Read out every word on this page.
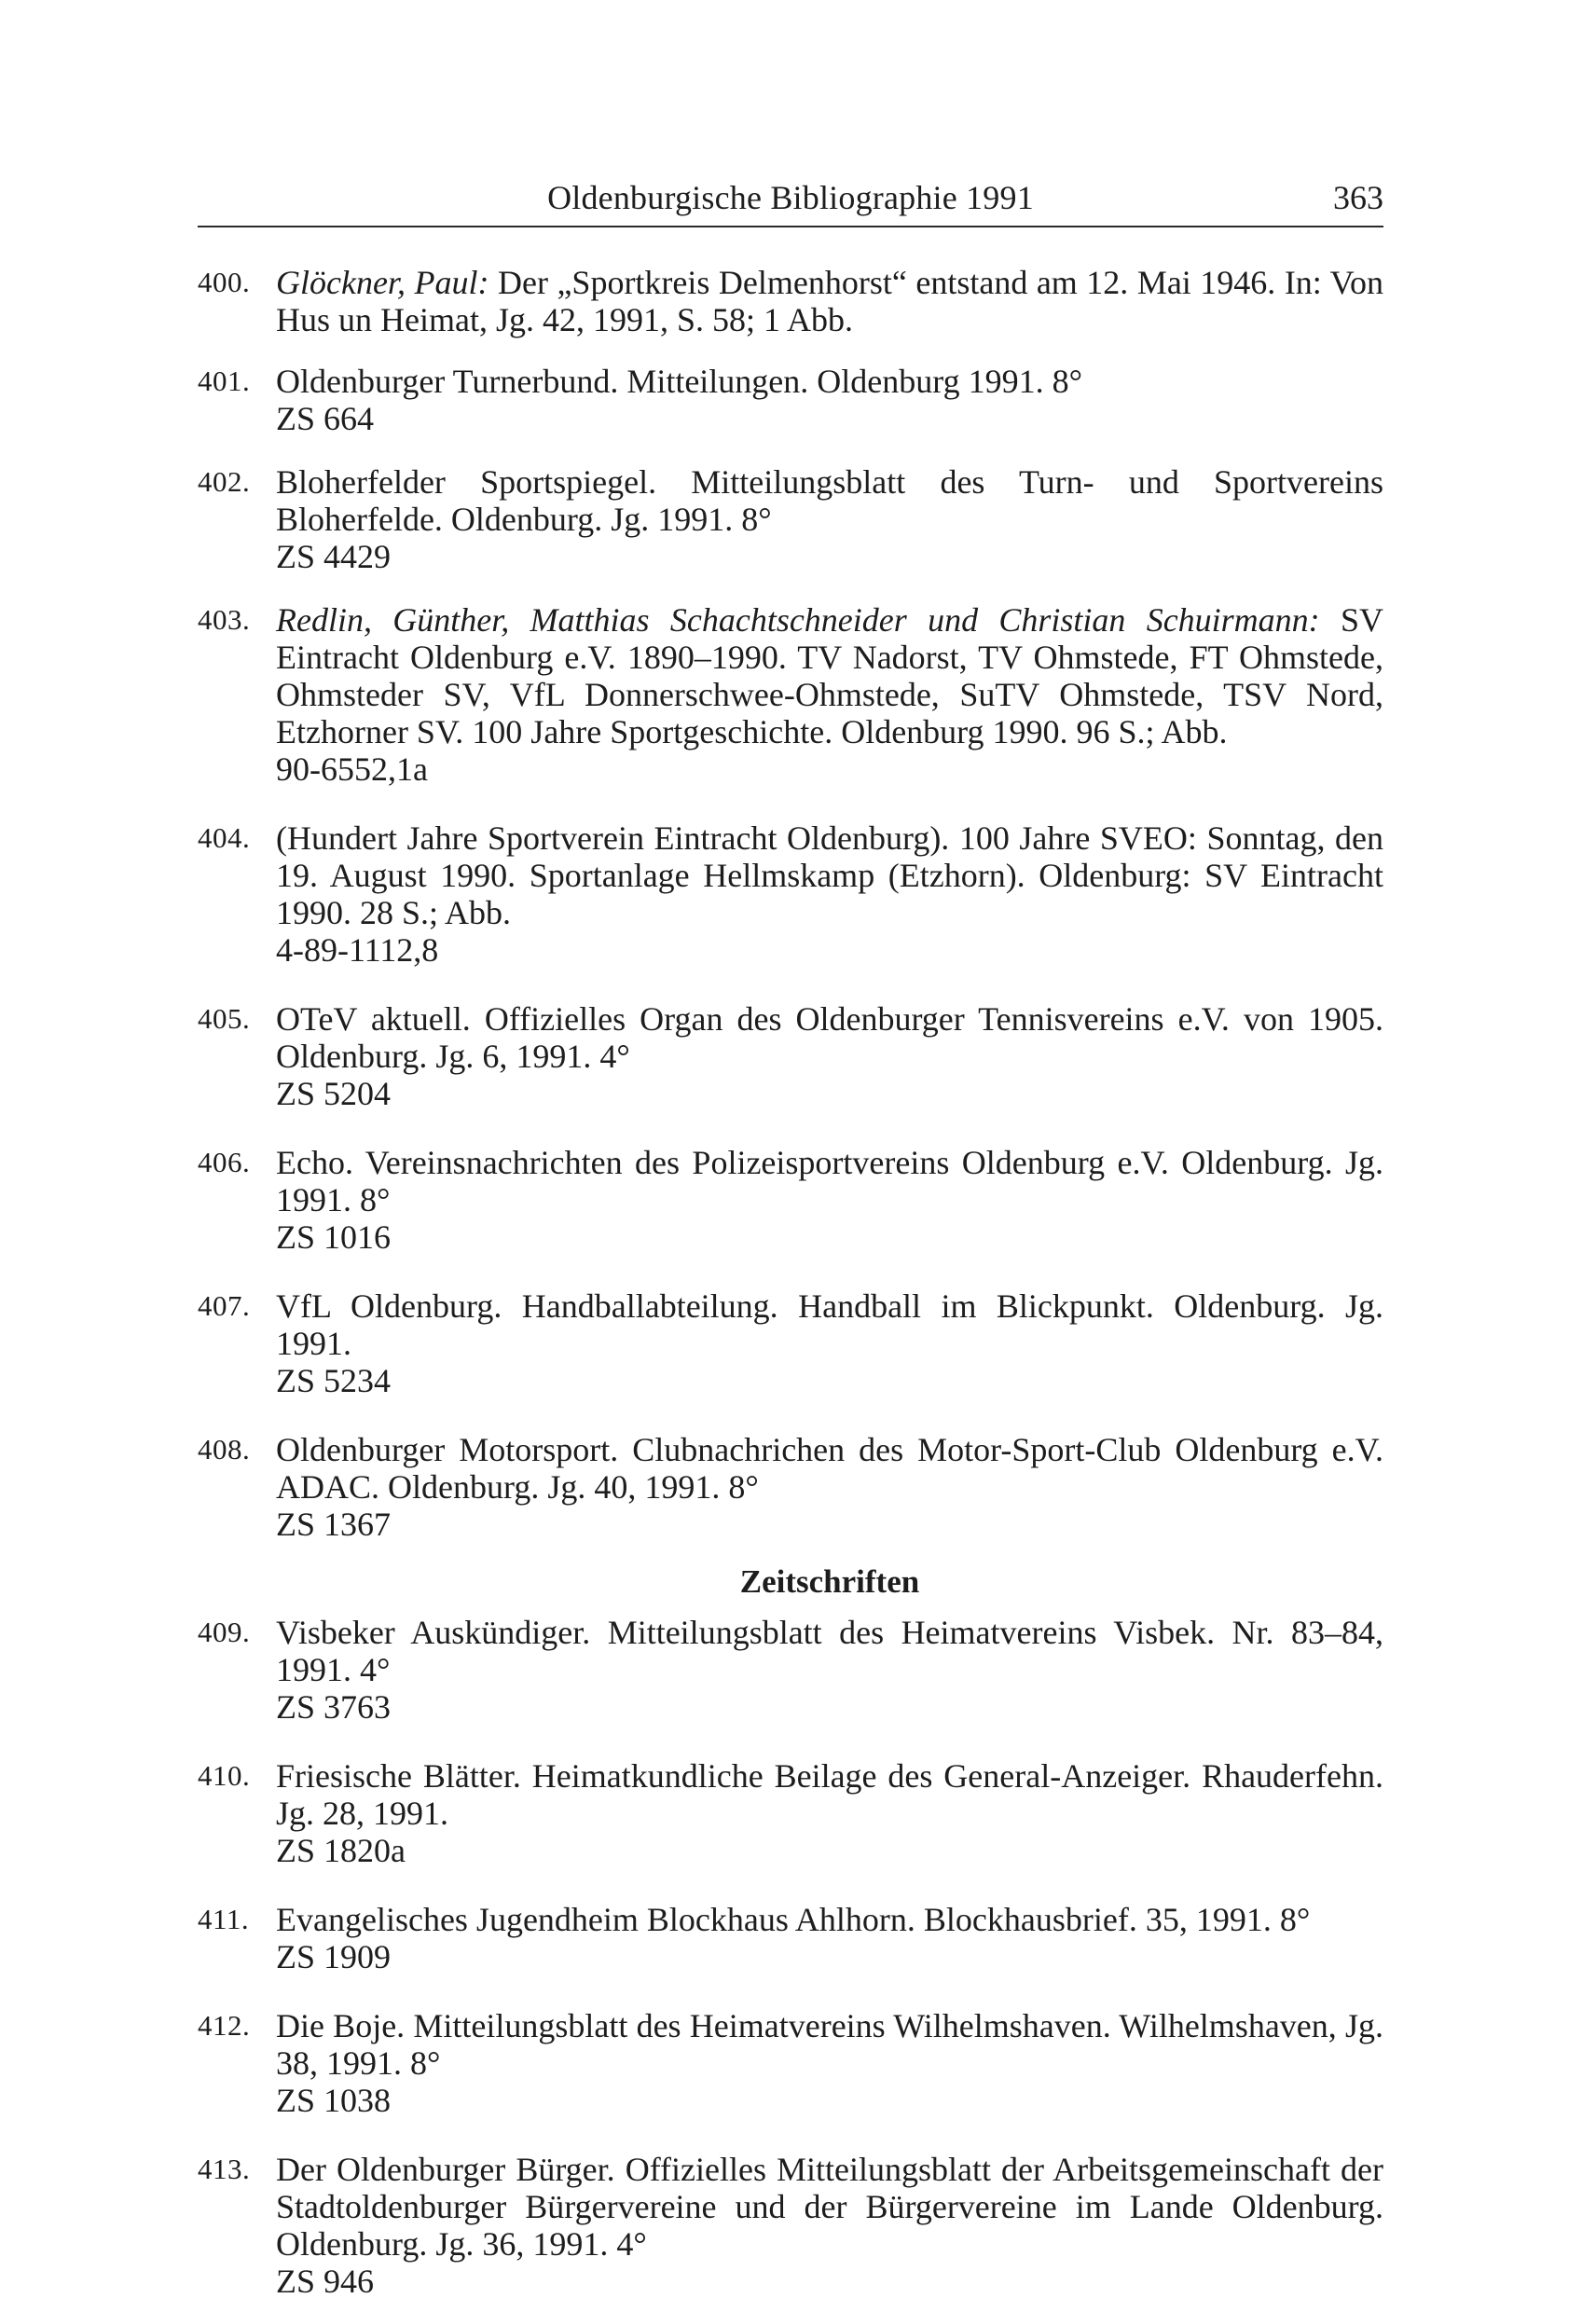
Oldenburgische Bibliographie 1991	363
400. Glöckner, Paul: Der „Sportkreis Delmenhorst“ entstand am 12. Mai 1946. In: Von Hus un Heimat, Jg. 42, 1991, S. 58; 1 Abb.
401. Oldenburger Turnerbund. Mitteilungen. Oldenburg 1991. 8°
ZS 664
402. Bloherfelder Sportspiegel. Mitteilungsblatt des Turn- und Sportvereins Bloherfelde. Oldenburg. Jg. 1991. 8°
ZS 4429
403. Redlin, Günther, Matthias Schachtschneider und Christian Schuirmann: SV Eintracht Oldenburg e.V. 1890–1990. TV Nadorst, TV Ohmstede, FT Ohmstede, Ohmsteder SV, VfL Donnerschwee-Ohmstede, SuTV Ohmstede, TSV Nord, Etzhorner SV. 100 Jahre Sportgeschichte. Oldenburg 1990. 96 S.; Abb.
90-6552,1a
404. (Hundert Jahre Sportverein Eintracht Oldenburg). 100 Jahre SVEO: Sonntag, den 19. August 1990. Sportanlage Hellmskamp (Etzhorn). Oldenburg: SV Eintracht 1990. 28 S.; Abb.
4-89-1112,8
405. OTeV aktuell. Offizielles Organ des Oldenburger Tennisvereins e.V. von 1905. Oldenburg. Jg. 6, 1991. 4°
ZS 5204
406. Echo. Vereinsnachrichten des Polizeisportvereins Oldenburg e.V. Oldenburg. Jg. 1991. 8°
ZS 1016
407. VfL Oldenburg. Handballabteilung. Handball im Blickpunkt. Oldenburg. Jg. 1991.
ZS 5234
408. Oldenburger Motorsport. Clubnachrichen des Motor-Sport-Club Oldenburg e.V. ADAC. Oldenburg. Jg. 40, 1991. 8°
ZS 1367
Zeitschriften
409. Visbeker Auskündiger. Mitteilungsblatt des Heimatvereins Visbek. Nr. 83–84, 1991. 4°
ZS 3763
410. Friesische Blätter. Heimatkundliche Beilage des General-Anzeiger. Rhauderfehn. Jg. 28, 1991.
ZS 1820a
411. Evangelisches Jugendheim Blockhaus Ahlhorn. Blockhausbrief. 35, 1991. 8°
ZS 1909
412. Die Boje. Mitteilungsblatt des Heimatvereins Wilhelmshaven. Wilhelmshaven, Jg. 38, 1991. 8°
ZS 1038
413. Der Oldenburger Bürger. Offizielles Mitteilungsblatt der Arbeitsgemeinschaft der Stadtoldenburger Bürgervereine und der Bürgervereine im Lande Oldenburg. Oldenburg. Jg. 36, 1991. 4°
ZS 946
